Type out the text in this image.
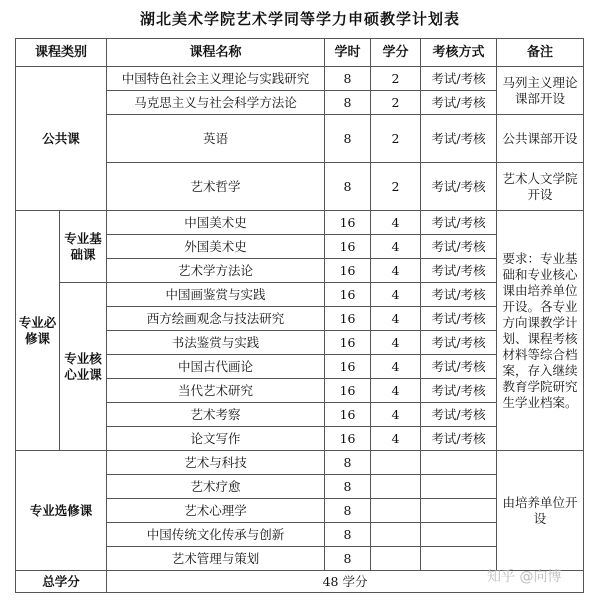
湖北美术学院艺术学同等学力申硕教学计划表
课程类别		课程名称	学时	学分	考核方式	备注
公共课		中国特色社会主义理论与实践研究	8	2	考试/考核	马列主义理论课部开设
		马克思主义与社会科学方法论	8	2	考试/考核	
		英语	8	2	考试/考核	公共课部开设
		艺术哲学	8	2	考试/考核	艺术人文学院开设
专业必修课	专业基础课	中国美术史	16	4	考试/考核	要求：专业基础和专业核心课由培养单位开设。各专业方向课教学计划、课程考核材料等综合档案，存入继续教育学院研究生学业档案。
		外国美术史	16	4	考试/考核	
		艺术学方法论	16	4	考试/考核	
	专业核心业课	中国画鉴赏与实践	16	4	考试/考核	
		西方绘画观念与技法研究	16	4	考试/考核	
		书法鉴赏与实践	16	4	考试/考核	
		中国古代画论	16	4	考试/考核	
		当代艺术研究	16	4	考试/考核	
		艺术考察	16	4	考试/考核	
		论文写作	16	4	考试/考核	
专业选修课		艺术与科技	8			由培养单位开设
		艺术疗愈	8			
		艺术心理学	8			
		中国传统文化传承与创新	8			
		艺术管理与策划	8			
总学分		48 学分					知乎 @向博
